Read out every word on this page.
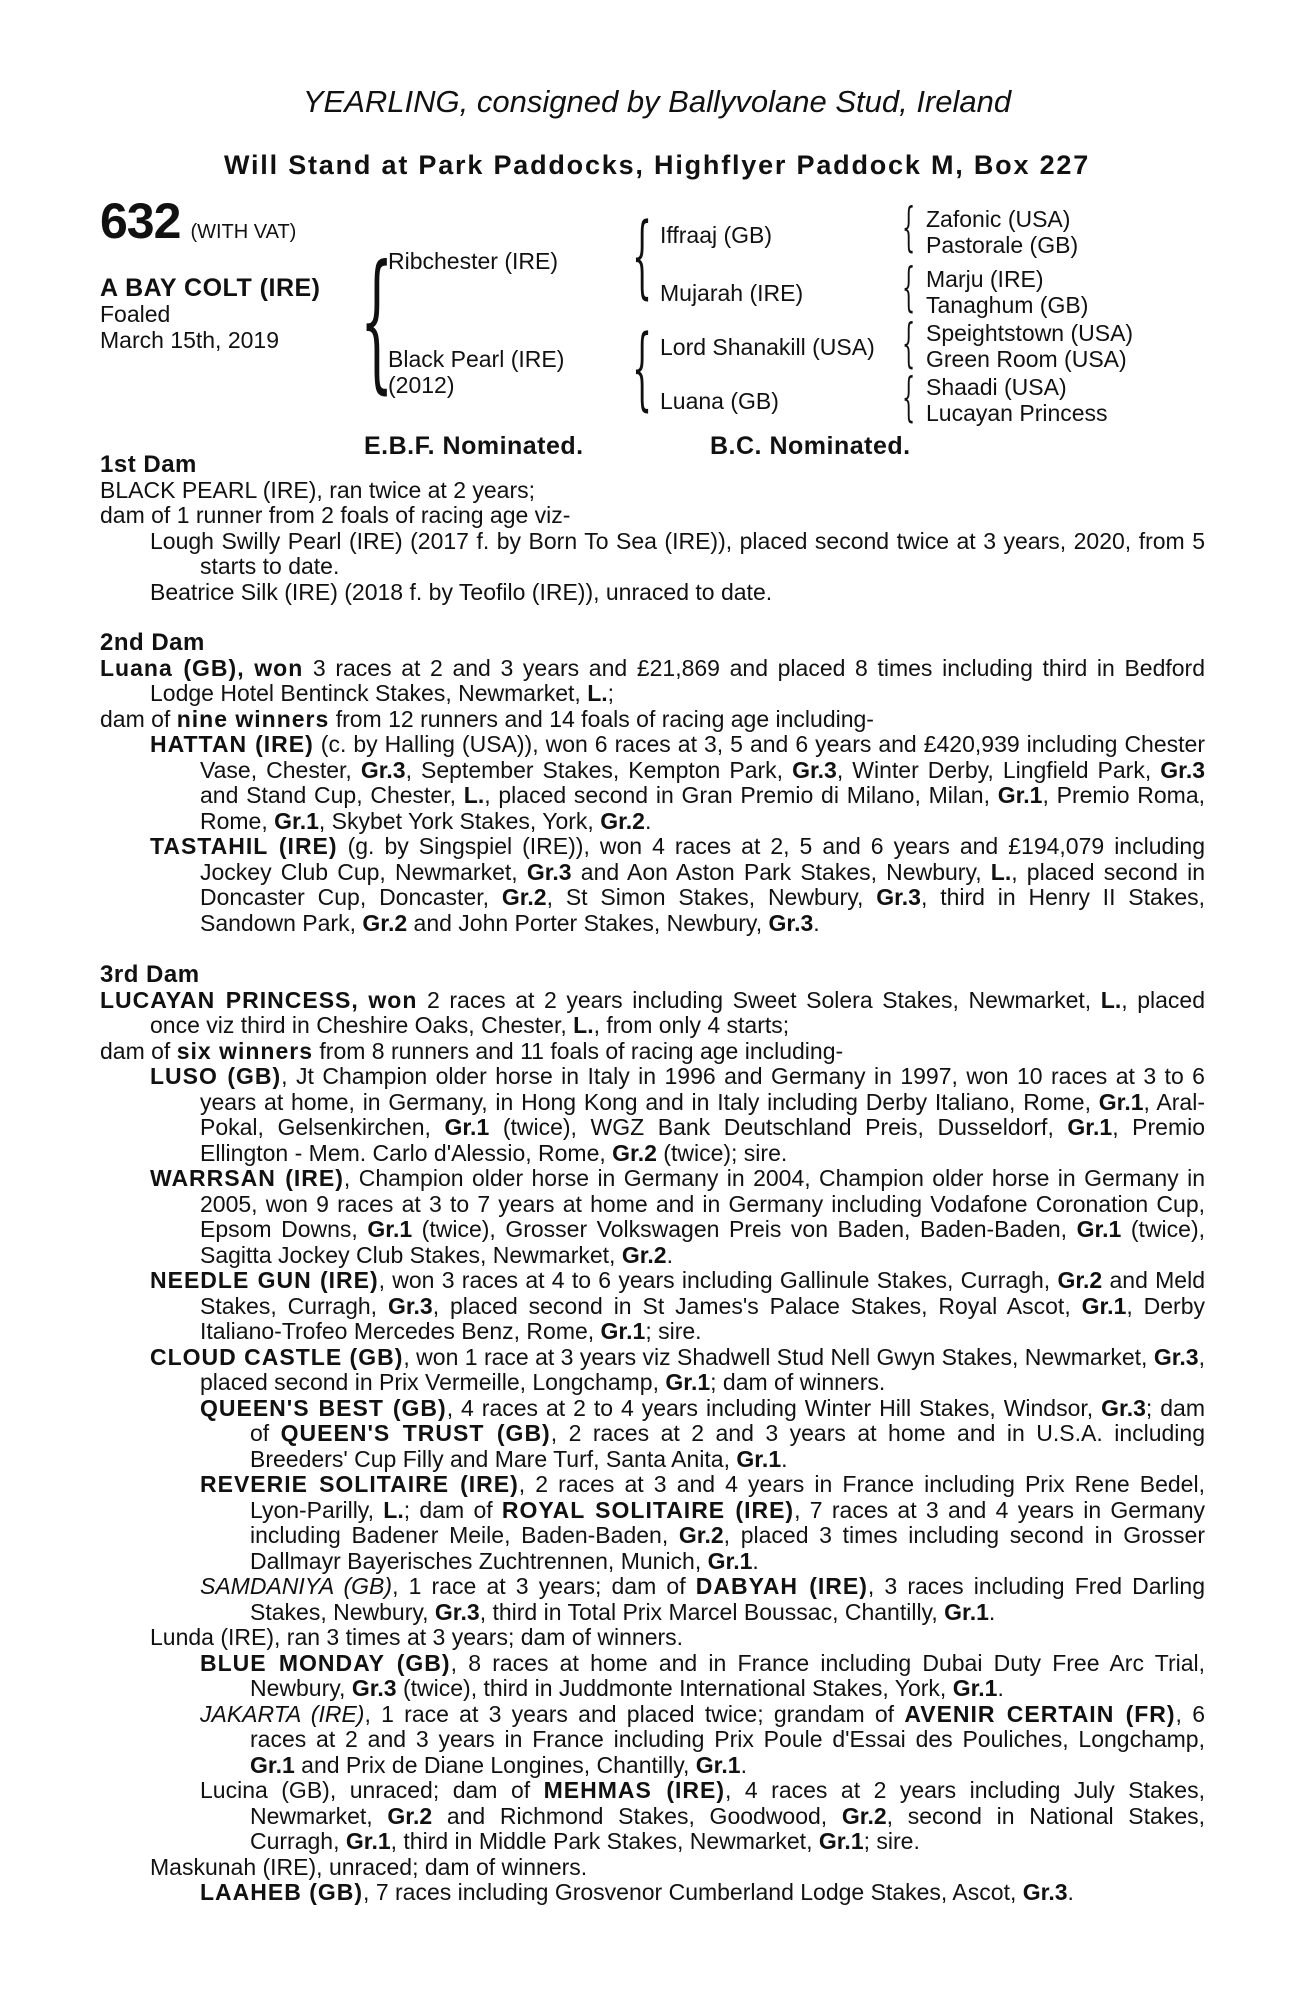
YEARLING, consigned by Ballyvolane Stud, Ireland
Will Stand at Park Paddocks, Highflyer Paddock M, Box 227
632 (WITH VAT)
A BAY COLT (IRE)
Foaled
March 15th, 2019 {
Ribchester (IRE)
Black Pearl (IRE)
(2012)
{ Iffraaj (GB)
Mujarah (IRE)
{ Lord Shanakill (USA)
Luana (GB)
{ Zafonic (USA)
Pastorale (GB)
{ Marju (IRE)
Tanaghum (GB)
{ Speightstown (USA)
Green Room (USA)
{ Shaadi (USA)
Lucayan Princess
E.B.F. Nominated.	B.C. Nominated.
1st Dam

BLACK PEARL (IRE), ran twice at 2 years;

dam of 1 runner from 2 foals of racing age viz-

Lough Swilly Pearl (IRE) (2017 f. by Born To Sea (IRE)), placed second twice at 3 years, 2020, from 5 starts to date.

Beatrice Silk (IRE) (2018 f. by Teofilo (IRE)), unraced to date.

2nd Dam

Luana (GB), won 3 races at 2 and 3 years and £21,869 and placed 8 times including third in Bedford Lodge Hotel Bentinck Stakes, Newmarket, L.;

dam of nine winners from 12 runners and 14 foals of racing age including-

HATTAN (IRE) (c. by Halling (USA)), won 6 races at 3, 5 and 6 years and £420,939 including Chester Vase, Chester, Gr.3, September Stakes, Kempton Park, Gr.3, Winter Derby, Lingfield Park, Gr.3 and Stand Cup, Chester, L., placed second in Gran Premio di Milano, Milan, Gr.1, Premio Roma, Rome, Gr.1, Skybet York Stakes, York, Gr.2.

TASTAHIL (IRE) (g. by Singspiel (IRE)), won 4 races at 2, 5 and 6 years and £194,079 including Jockey Club Cup, Newmarket, Gr.3 and Aon Aston Park Stakes, Newbury, L., placed second in Doncaster Cup, Doncaster, Gr.2, St Simon Stakes, Newbury, Gr.3, third in Henry II Stakes, Sandown Park, Gr.2 and John Porter Stakes, Newbury, Gr.3.

3rd Dam

LUCAYAN PRINCESS, won 2 races at 2 years including Sweet Solera Stakes, Newmarket, L., placed once viz third in Cheshire Oaks, Chester, L., from only 4 starts;

dam of six winners from 8 runners and 11 foals of racing age including-

LUSO (GB), Jt Champion older horse in Italy in 1996 and Germany in 1997, won 10 races at 3 to 6 years at home, in Germany, in Hong Kong and in Italy including Derby Italiano, Rome, Gr.1, Aral-Pokal, Gelsenkirchen, Gr.1 (twice), WGZ Bank Deutschland Preis, Dusseldorf, Gr.1, Premio Ellington - Mem. Carlo d'Alessio, Rome, Gr.2 (twice); sire.

WARRSAN (IRE), Champion older horse in Germany in 2004, Champion older horse in Germany in 2005, won 9 races at 3 to 7 years at home and in Germany including Vodafone Coronation Cup, Epsom Downs, Gr.1 (twice), Grosser Volkswagen Preis von Baden, Baden-Baden, Gr.1 (twice), Sagitta Jockey Club Stakes, Newmarket, Gr.2.

NEEDLE GUN (IRE), won 3 races at 4 to 6 years including Gallinule Stakes, Curragh, Gr.2 and Meld Stakes, Curragh, Gr.3, placed second in St James's Palace Stakes, Royal Ascot, Gr.1, Derby Italiano-Trofeo Mercedes Benz, Rome, Gr.1; sire.

CLOUD CASTLE (GB), won 1 race at 3 years viz Shadwell Stud Nell Gwyn Stakes, Newmarket, Gr.3, placed second in Prix Vermeille, Longchamp, Gr.1; dam of winners.

QUEEN'S BEST (GB), 4 races at 2 to 4 years including Winter Hill Stakes, Windsor, Gr.3; dam of QUEEN'S TRUST (GB), 2 races at 2 and 3 years at home and in U.S.A. including Breeders' Cup Filly and Mare Turf, Santa Anita, Gr.1.

REVERIE SOLITAIRE (IRE), 2 races at 3 and 4 years in France including Prix Rene Bedel, Lyon-Parilly, L.; dam of ROYAL SOLITAIRE (IRE), 7 races at 3 and 4 years in Germany including Badener Meile, Baden-Baden, Gr.2, placed 3 times including second in Grosser Dallmayr Bayerisches Zuchtrennen, Munich, Gr.1.

SAMDANIYA (GB), 1 race at 3 years; dam of DABYAH (IRE), 3 races including Fred Darling Stakes, Newbury, Gr.3, third in Total Prix Marcel Boussac, Chantilly, Gr.1.

Lunda (IRE), ran 3 times at 3 years; dam of winners.

BLUE MONDAY (GB), 8 races at home and in France including Dubai Duty Free Arc Trial, Newbury, Gr.3 (twice), third in Juddmonte International Stakes, York, Gr.1.

JAKARTA (IRE), 1 race at 3 years and placed twice; grandam of AVENIR CERTAIN (FR), 6 races at 2 and 3 years in France including Prix Poule d'Essai des Pouliches, Longchamp, Gr.1 and Prix de Diane Longines, Chantilly, Gr.1.

Lucina (GB), unraced; dam of MEHMAS (IRE), 4 races at 2 years including July Stakes, Newmarket, Gr.2 and Richmond Stakes, Goodwood, Gr.2, second in National Stakes, Curragh, Gr.1, third in Middle Park Stakes, Newmarket, Gr.1; sire.

Maskunah (IRE), unraced; dam of winners.

LAAHEB (GB), 7 races including Grosvenor Cumberland Lodge Stakes, Ascot, Gr.3.
